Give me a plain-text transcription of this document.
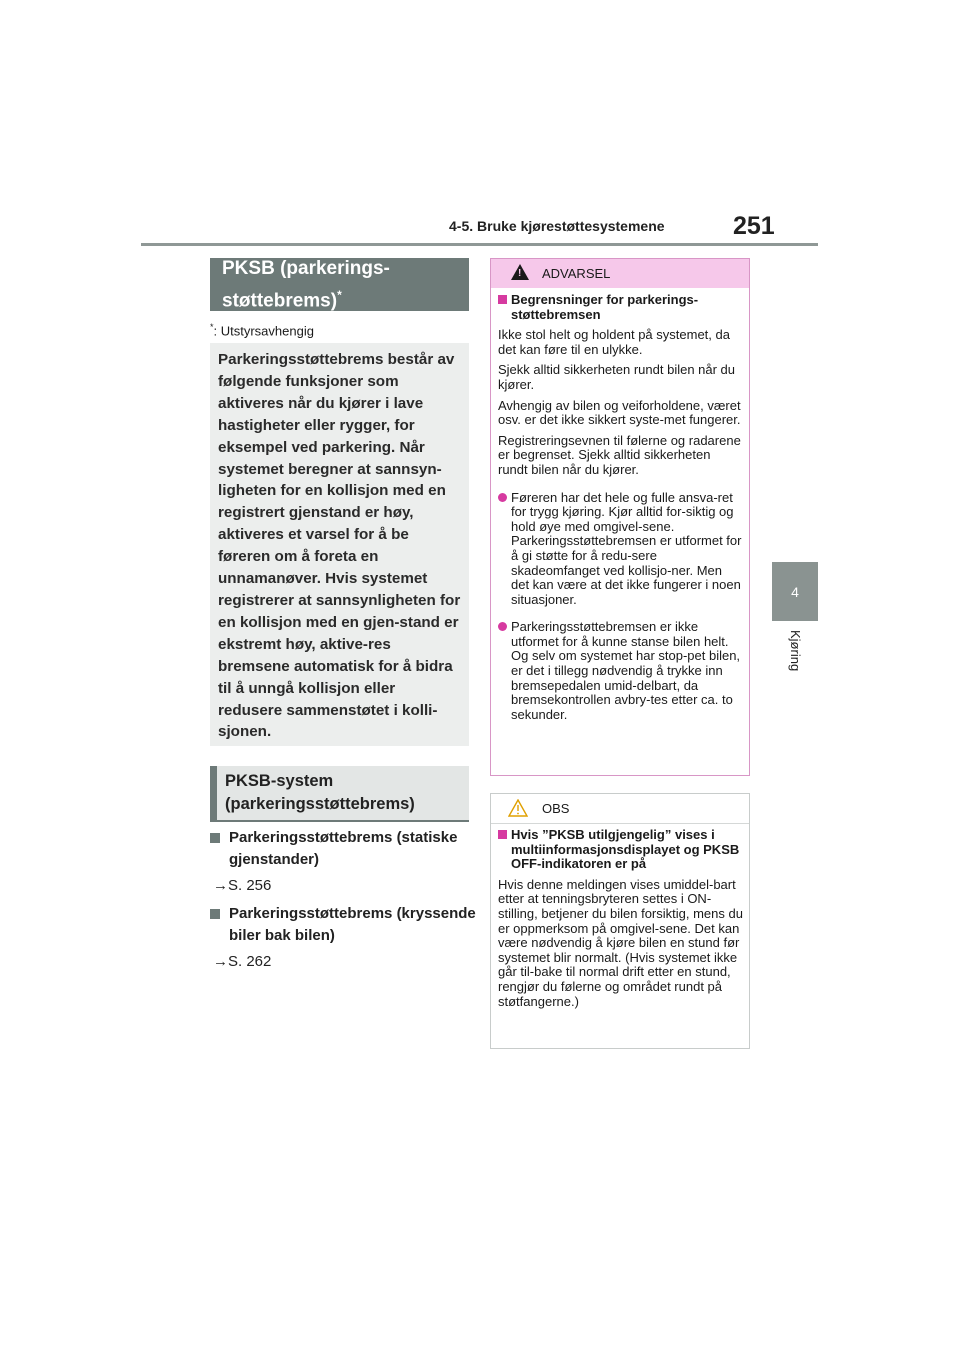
4-5. Bruke kjørestøttesystemene	251
4
Kjøring
PKSB (parkerings-
støttebrems)*
*: Utstyrsavhengig
Parkeringsstøttebrems består av følgende funksjoner som aktiveres når du kjører i lave hastigheter eller rygger, for eksempel ved parkering. Når systemet beregner at sannsyn-ligheten for en kollisjon med en registrert gjenstand er høy, aktiveres et varsel for å be føreren om å foreta en unnamanøver. Hvis systemet registrerer at sannsynligheten for en kollisjon med en gjen-stand er ekstremt høy, aktive-res bremsene automatisk for å bidra til å unngå kollisjon eller redusere sammenstøtet i kolli-sjonen.
PKSB-system (parkeringsstøttebrems)
Parkeringsstøttebrems (statiske gjenstander)
→S. 256
Parkeringsstøttebrems (kryssende biler bak bilen)
→S. 262
! ADVARSEL
Begrensninger for parkerings-støttebremsen
Ikke stol helt og holdent på systemet, da det kan føre til en ulykke.
Sjekk alltid sikkerheten rundt bilen når du kjører.
Avhengig av bilen og veiforholdene, været osv. er det ikke sikkert syste-met fungerer.
Registreringsevnen til følerne og radarene er begrenset. Sjekk alltid sikkerheten rundt bilen når du kjører.
Føreren har det hele og fulle ansva-ret for trygg kjøring. Kjør alltid for-siktig og hold øye med omgivel-sene. Parkeringsstøttebremsen er utformet for å gi støtte for å redu-sere skadeomfanget ved kollisjo-ner. Men det kan være at det ikke fungerer i noen situasjoner.
Parkeringsstøttebremsen er ikke utformet for å kunne stanse bilen helt. Og selv om systemet har stop-pet bilen, er det i tillegg nødvendig å trykke inn bremsepedalen umid-delbart, da bremsekontrollen avbry-tes etter ca. to sekunder.
OBS
Hvis ”PKSB utilgjengelig” vises i multiinformasjonsdisplayet og PKSB OFF-indikatoren er på
Hvis denne meldingen vises umiddel-bart etter at tenningsbryteren settes i ON-stilling, betjener du bilen forsiktig, mens du er oppmerksom på omgivel-sene. Det kan være nødvendig å kjøre bilen en stund før systemet blir normalt. (Hvis systemet ikke går til-bake til normal drift etter en stund, rengjør du følerne og området rundt på støtfangerne.)
